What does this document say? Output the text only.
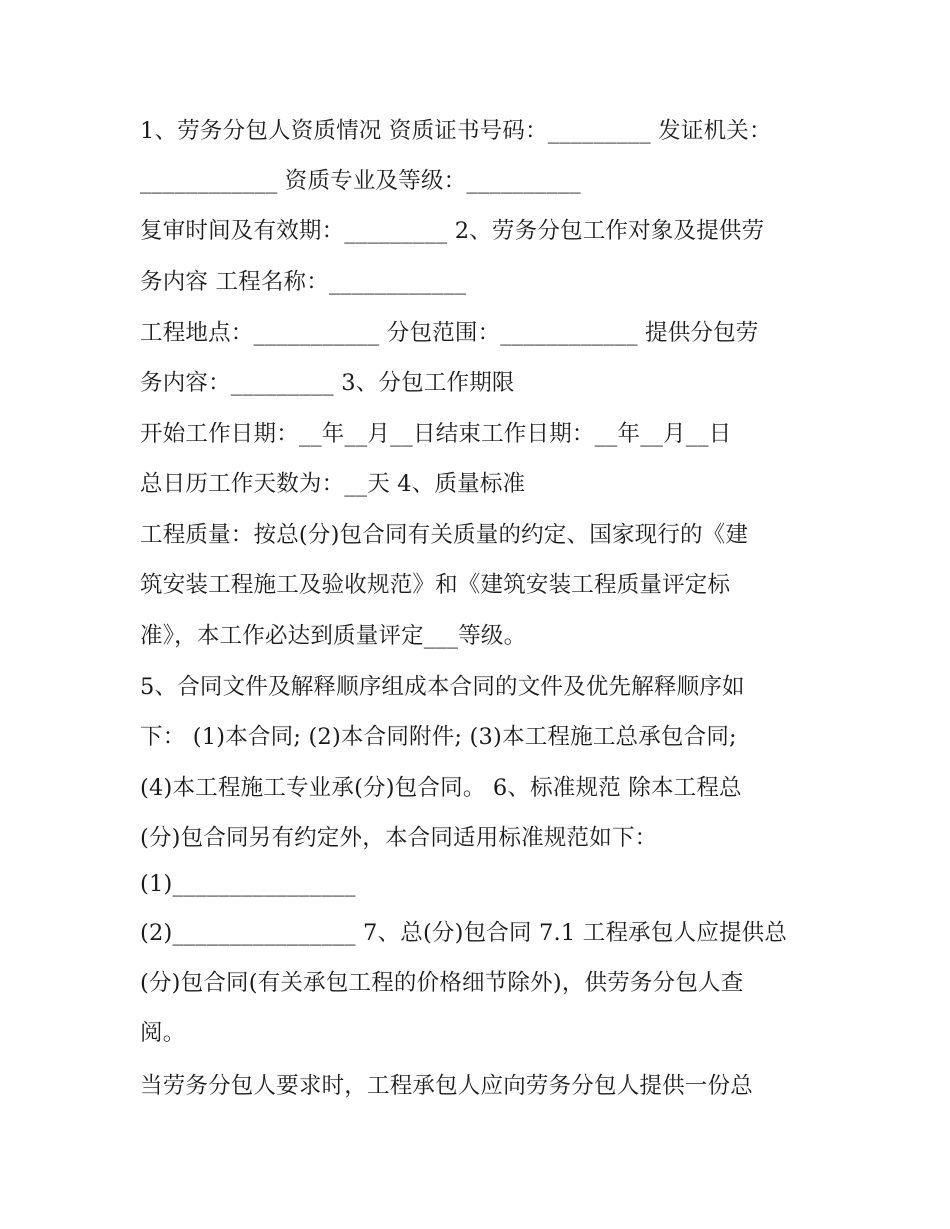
1、劳务分包人资质情况 资质证书号码：_________ 发证机关：
____________ 资质专业及等级：__________
复审时间及有效期：_________ 2、劳务分包工作对象及提供劳
务内容 工程名称：____________
工程地点：___________ 分包范围：____________ 提供分包劳
务内容：_________ 3、分包工作期限
开始工作日期：__年__月__日结束工作日期：__年__月__日
总日历工作天数为：__天 4、质量标准
工程质量：按总(分)包合同有关质量的约定、国家现行的《建
筑安装工程施工及验收规范》和《建筑安装工程质量评定标
准》，本工作必达到质量评定___等级。
5、合同文件及解释顺序组成本合同的文件及优先解释顺序如
下： (1)本合同; (2)本合同附件; (3)本工程施工总承包合同;
(4)本工程施工专业承(分)包合同。 6、标准规范 除本工程总
(分)包合同另有约定外，本合同适用标准规范如下：
(1)________________
(2)________________ 7、总(分)包合同 7.1 工程承包人应提供总
(分)包合同(有关承包工程的价格细节除外)，供劳务分包人查
阅。
当劳务分包人要求时，工程承包人应向劳务分包人提供一份总
